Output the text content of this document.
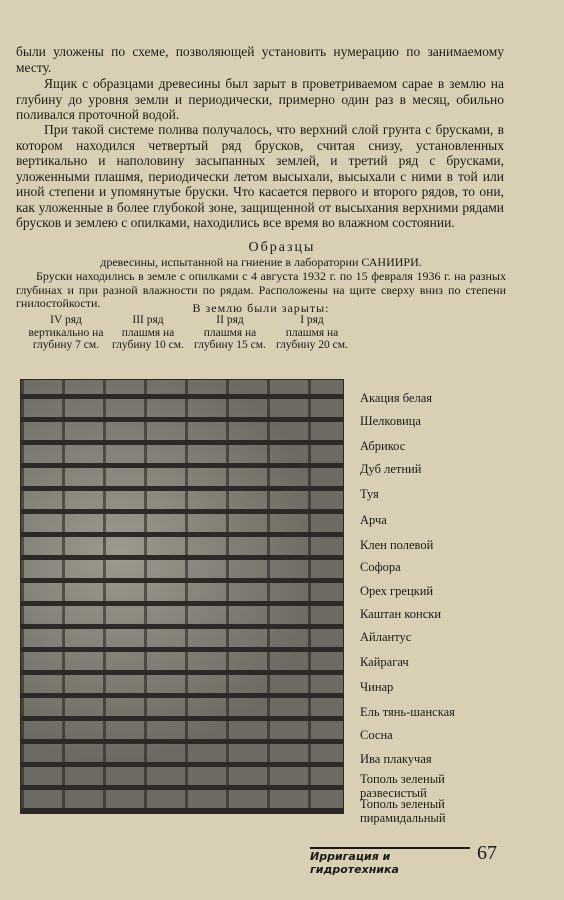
были уложены по схеме, позволяющей установить нумерацию по занимаемому месту.

Ящик с образцами древесины был зарыт в проветриваемом сарае в землю на глубину до уровня земли и периодически, примерно один раз в месяц, обильно поливался проточной водой.

При такой системе полива получалось, что верхний слой грунта с брусками, в котором находился четвертый ряд брусков, считая снизу, установленных вертикально и наполовину засыпанных землей, и третий ряд с брусками, уложенными плашмя, периодически летом высыхали, высыхали с ними в той или иной степени и упомянутые бруски. Что касается первого и второго рядов, то они, как уложенные в более глубокой зоне, защищенной от высыхания верхними рядами брусков и землею с опилками, находились все время во влажном состоянии.

Образцы

древесины, испытанной на гниение в лаборатории САНИИРИ.

Бруски находились в земле с опилками с 4 августа 1932 г. по 15 февраля 1936 г. на разных глубинах и при разной влажности по рядам. Расположены на щите сверху вниз по степени гнилостойкости.	В землю были зарыты:

IV ряд
вертикально на глубину 7 см.
III ряд
плашмя на глубину 10 см.
II ряд
плашмя на глубину 15 см.
I ряд
плашмя на глубину 20 см.

Акация белая

Шелковица

Абрикос

Дуб летний

Туя

Арча

Клен полевой

Софора

Орех грецкий

Каштан конски

Айлантус

Кайрагач

Чинар

Ель тянь-шанская

Сосна

Ива плакучая

Тополь зеленый развесистый

Тополь зеленый пирамидальный

Ирригация и гидротехника

67
